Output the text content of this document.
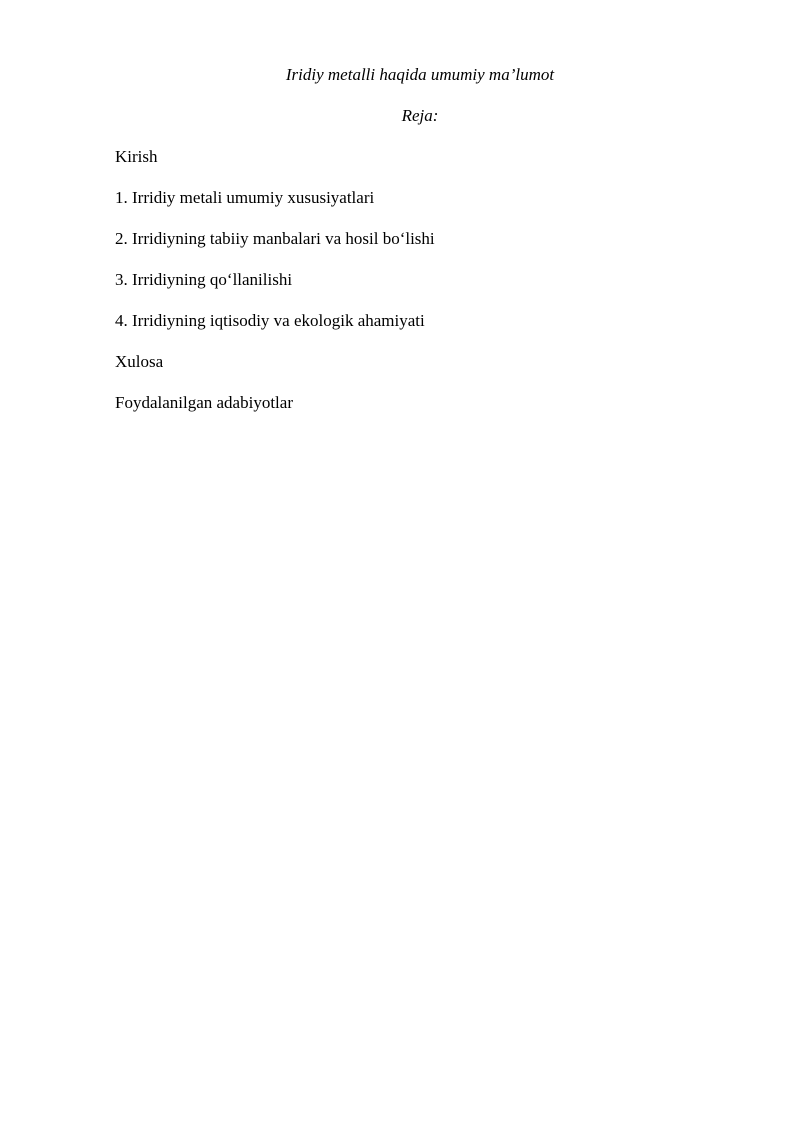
Iridiy metalli haqida umumiy ma’lumot
Reja:
Kirish
1. Irridiy metali umumiy xususiyatlari
2. Irridiyning tabiiy manbalari va hosil bo‘lishi
3. Irridiyning qo‘llanilishi
4. Irridiyning iqtisodiy va ekologik ahamiyati
Xulosa
Foydalanilgan adabiyotlar
